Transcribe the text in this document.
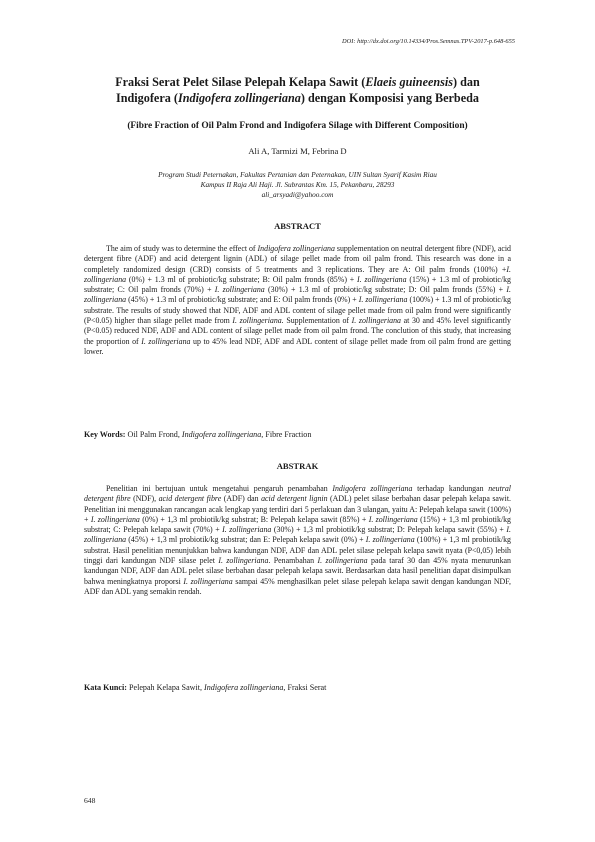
DOI: http://dx.doi.org/10.14334/Pros.Semnas.TPV-2017-p.648-655
Fraksi Serat Pelet Silase Pelepah Kelapa Sawit (Elaeis guineensis) dan
Indigofera (Indigofera zollingeriana) dengan Komposisi yang Berbeda
(Fibre Fraction of Oil Palm Frond and Indigofera Silage with Different Composition)
Ali A, Tarmizi M, Febrina D
Program Studi Peternakan, Fakultas Pertanian dan Peternakan, UIN Sultan Syarif Kasim Riau
Kampus II Raja Ali Haji. Jl. Subrantas Km. 15, Pekanbaru, 28293
ali_arsyadi@yahoo.com
ABSTRACT
The aim of study was to determine the effect of Indigofera zollingeriana supplementation on neutral detergent fibre (NDF), acid detergent fibre (ADF) and acid detergent lignin (ADL) of silage pellet made from oil palm frond. This research was done in a completely randomized design (CRD) consists of 5 treatments and 3 replications. They are A: Oil palm fronds (100%) +I. zollingeriana (0%) + 1.3 ml of probiotic/kg substrate; B: Oil palm fronds (85%) + I. zollingeriana (15%) + 1.3 ml of probiotic/kg substrate; C: Oil palm fronds (70%) + I. zollingeriana (30%) + 1.3 ml of probiotic/kg substrate; D: Oil palm fronds (55%) + I. zollingeriana (45%) + 1.3 ml of probiotic/kg substrate; and E: Oil palm fronds (0%) + I. zollingeriana (100%) + 1.3 ml of probiotic/kg substrate. The results of study showed that NDF, ADF and ADL content of silage pellet made from oil palm frond were significantly (P<0.05) higher than silage pellet made from I. zollingeriana. Supplementation of I. zollingeriana at 30 and 45% level significantly (P<0.05) reduced NDF, ADF and ADL content of silage pellet made from oil palm frond. The conclution of this study, that increasing the proportion of I. zollingeriana up to 45% lead NDF, ADF and ADL content of silage pellet made from oil palm frond are getting lower.
Key Words: Oil Palm Frond, Indigofera zollingeriana, Fibre Fraction
ABSTRAK
Penelitian ini bertujuan untuk mengetahui pengaruh penambahan Indigofera zollingeriana terhadap kandungan neutral detergent fibre (NDF), acid detergent fibre (ADF) dan acid detergent lignin (ADL) pelet silase berbahan dasar pelepah kelapa sawit. Penelitian ini menggunakan rancangan acak lengkap yang terdiri dari 5 perlakuan dan 3 ulangan, yaitu A: Pelepah kelapa sawit (100%) + I. zollingeriana (0%) + 1,3 ml probiotik/kg substrat; B: Pelepah kelapa sawit (85%) + I. zollingeriana (15%) + 1,3 ml probiotik/kg substrat; C: Pelepah kelapa sawit (70%) + I. zollingeriana (30%) + 1,3 ml probiotik/kg substrat; D: Pelepah kelapa sawit (55%) + I. zollingeriana (45%) + 1,3 ml probiotik/kg substrat; dan E: Pelepah kelapa sawit (0%) + I. zollingeriana (100%) + 1,3 ml probiotik/kg substrat. Hasil penelitian menunjukkan bahwa kandungan NDF, ADF dan ADL pelet silase pelepah kelapa sawit nyata (P<0,05) lebih tinggi dari kandungan NDF silase pelet I. zollingeriana. Penambahan I. zollingeriana pada taraf 30 dan 45% nyata menurunkan kandungan NDF, ADF dan ADL pelet silase berbahan dasar pelepah kelapa sawit. Berdasarkan data hasil penelitian dapat disimpulkan bahwa meningkatnya proporsi I. zollingeriana sampai 45% menghasilkan pelet silase pelepah kelapa sawit dengan kandungan NDF, ADF dan ADL yang semakin rendah.
Kata Kunci: Pelepah Kelapa Sawit, Indigofera zollingeriana, Fraksi Serat
648
